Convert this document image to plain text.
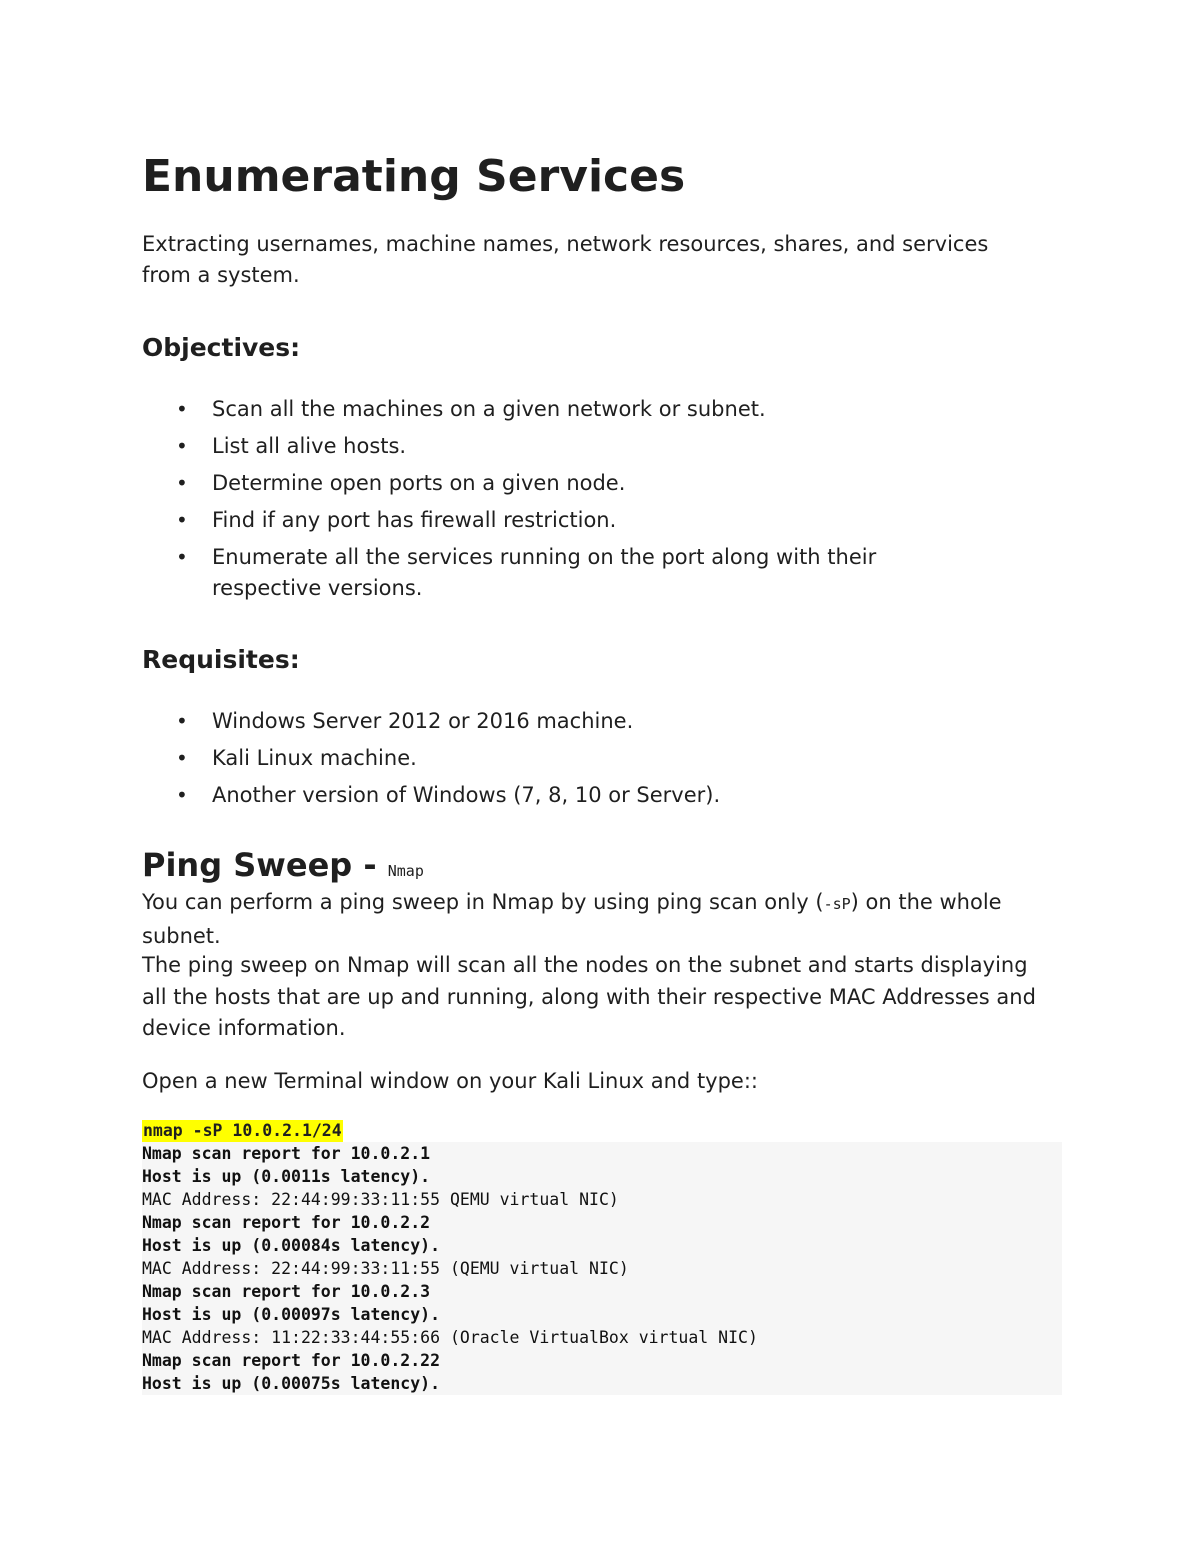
Enumerating Services

Extracting usernames, machine names, network resources, shares, and services from a system.

Objectives:
• Scan all the machines on a given network or subnet.
• List all alive hosts.
• Determine open ports on a given node.
• Find if any port has firewall restriction.
• Enumerate all the services running on the port along with their respective versions.
Requisites:
• Windows Server 2012 or 2016 machine.
• Kali Linux machine.
• Another version of Windows (7, 8, 10 or Server).
Ping Sweep - Nmap

You can perform a ping sweep in Nmap by using ping scan only (-sP) on the whole subnet.

The ping sweep on Nmap will scan all the nodes on the subnet and starts displaying all the hosts that are up and running, along with their respective MAC Addresses and device information.

Open a new Terminal window on your Kali Linux and type::

nmap -sP 10.0.2.1/24
Nmap scan report for 10.0.2.1
Host is up (0.0011s latency).
MAC Address: 22:44:99:33:11:55 QEMU virtual NIC)
Nmap scan report for 10.0.2.2
Host is up (0.00084s latency).
MAC Address: 22:44:99:33:11:55 (QEMU virtual NIC)
Nmap scan report for 10.0.2.3
Host is up (0.00097s latency).
MAC Address: 11:22:33:44:55:66 (Oracle VirtualBox virtual NIC)
Nmap scan report for 10.0.2.22
Host is up (0.00075s latency).
